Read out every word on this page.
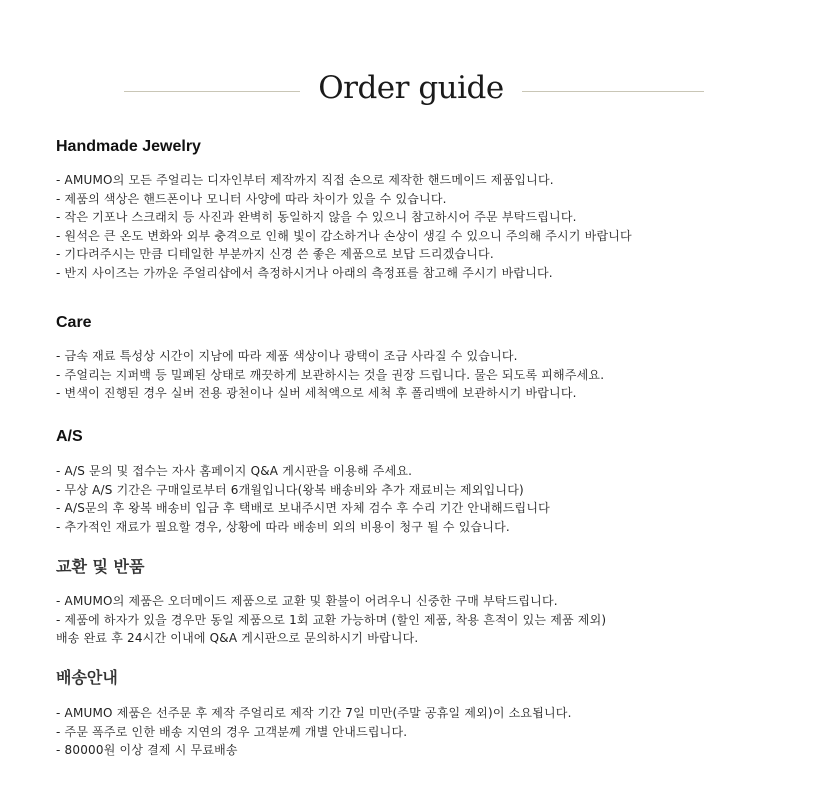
Order guide
Handmade Jewelry
- AMUMO의 모든 주얼리는 디자인부터 제작까지 직접 손으로 제작한 핸드메이드 제품입니다.
- 제품의 색상은 핸드폰이나 모니터 사양에 따라 차이가 있을 수 있습니다.
- 작은 기포나 스크래치 등 사진과 완벽히 동일하지 않을 수 있으니 참고하시어 주문 부탁드립니다.
- 원석은 큰 온도 변화와 외부 충격으로 인해 빛이 감소하거나 손상이 생길 수 있으니 주의해 주시기 바랍니다
- 기다려주시는 만큼 디테일한 부분까지 신경 쓴 좋은 제품으로 보답 드리겠습니다.
- 반지 사이즈는 가까운 주얼리샵에서 측정하시거나 아래의 측정표를 참고해 주시기 바랍니다.
Care
- 금속 재료 특성상 시간이 지남에 따라 제품 색상이나 광택이 조금 사라질 수 있습니다.
- 주얼리는 지퍼백 등 밀폐된 상태로 깨끗하게 보관하시는 것을 권장 드립니다. 물은 되도록 피해주세요.
- 변색이 진행된 경우 실버 전용 광천이나 실버 세척액으로 세척 후 폴리백에 보관하시기 바랍니다.
A/S
- A/S 문의 및 접수는 자사 홈페이지 Q&A 게시판을 이용해 주세요.
- 무상 A/S 기간은 구매일로부터 6개월입니다(왕복 배송비와 추가 재료비는 제외입니다)
- A/S문의 후 왕복 배송비 입금 후 택배로 보내주시면 자체 검수 후 수리 기간 안내해드립니다
- 추가적인 재료가 필요할 경우, 상황에 따라 배송비 외의 비용이 청구 될 수 있습니다.
교환 및 반품
- AMUMO의 제품은 오더메이드 제품으로 교환 및 환불이 어려우니 신중한 구매 부탁드립니다.
- 제품에 하자가 있을 경우만 동일 제품으로 1회 교환 가능하며 (할인 제품, 착용 흔적이 있는 제품 제외)
배송 완료 후 24시간 이내에 Q&A 게시판으로 문의하시기 바랍니다.
배송안내
- AMUMO 제품은 선주문 후 제작 주얼리로 제작 기간 7일 미만(주말 공휴일 제외)이 소요됩니다.
- 주문 폭주로 인한 배송 지연의 경우 고객분께 개별 안내드립니다.
- 80000원 이상 결제 시 무료배송
